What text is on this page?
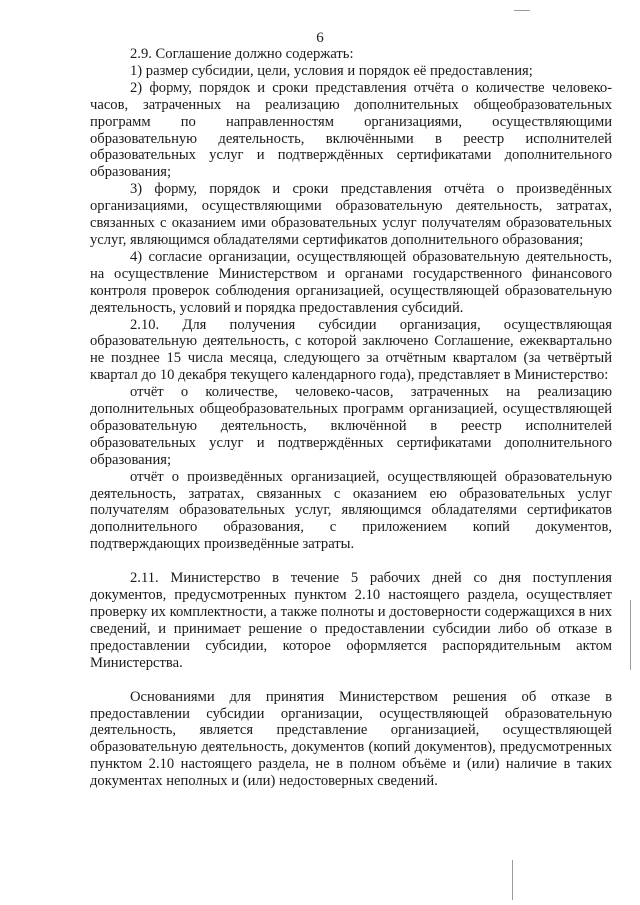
6

2.9. Соглашение должно содержать:

1) размер субсидии, цели, условия и порядок её предоставления;

2) форму, порядок и сроки представления отчёта о количестве человеко-часов, затраченных на реализацию дополнительных общеобразовательных программ по направленностям организациями, осуществляющими образовательную деятельность, включёнными в реестр исполнителей образовательных услуг и подтверждённых сертификатами дополнительного образования;

3) форму, порядок и сроки представления отчёта о произведённых организациями, осуществляющими образовательную деятельность, затратах, связанных с оказанием ими образовательных услуг получателям образовательных услуг, являющимся обладателями сертификатов дополнительного образования;

4) согласие организации, осуществляющей образовательную деятельность, на осуществление Министерством и органами государственного финансового контроля проверок соблюдения организацией, осуществляющей образовательную деятельность, условий и порядка предоставления субсидий.

2.10. Для получения субсидии организация, осуществляющая образовательную деятельность, с которой заключено Соглашение, ежеквартально не позднее 15 числа месяца, следующего за отчётным кварталом (за четвёртый квартал до 10 декабря текущего календарного года), представляет в Министерство:

отчёт о количестве, человеко-часов, затраченных на реализацию дополнительных общеобразовательных программ организацией, осуществляющей образовательную деятельность, включённой в реестр исполнителей образовательных услуг и подтверждённых сертификатами дополнительного образования;

отчёт о произведённых организацией, осуществляющей образовательную деятельность, затратах, связанных с оказанием ею образовательных услуг получателям образовательных услуг, являющимся обладателями сертификатов дополнительного образования, с приложением копий документов, подтверждающих произведённые затраты.

2.11. Министерство в течение 5 рабочих дней со дня поступления документов, предусмотренных пунктом 2.10 настоящего раздела, осуществляет проверку их комплектности, а также полноты и достоверности содержащихся в них сведений, и принимает решение о предоставлении субсидии либо об отказе в предоставлении субсидии, которое оформляется распорядительным актом Министерства.

Основаниями для принятия Министерством решения об отказе в предоставлении субсидии организации, осуществляющей образовательную деятельность, является представление организацией, осуществляющей образовательную деятельность, документов (копий документов), предусмотренных пунктом 2.10 настоящего раздела, не в полном объёме и (или) наличие в таких документах неполных и (или) недостоверных сведений.
